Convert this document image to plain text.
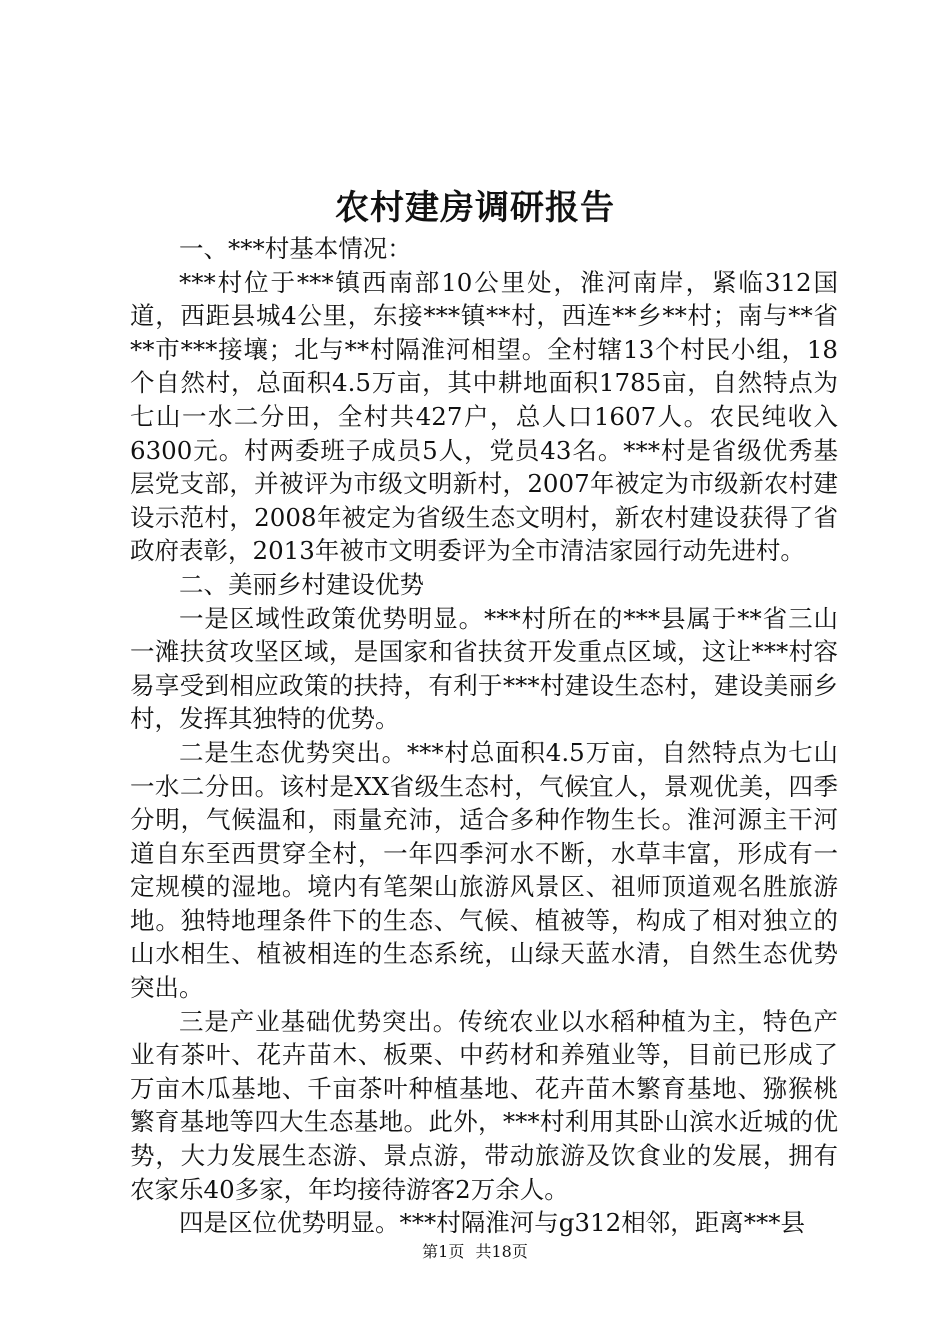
农村建房调研报告

一、***村基本情况：

***村位于***镇西南部10公里处，淮河南岸，紧临312国道，西距县城4公里，东接***镇**村，西连**乡**村；南与**省**市***接壤；北与**村隔淮河相望。全村辖13个村民小组，18个自然村，总面积4.5万亩，其中耕地面积1785亩，自然特点为七山一水二分田，全村共427户，总人口1607人。农民纯收入6300元。村两委班子成员5人，党员43名。***村是省级优秀基层党支部，并被评为市级文明新村，2007年被定为市级新农村建设示范村，2008年被定为省级生态文明村，新农村建设获得了省政府表彰，2013年被市文明委评为全市清洁家园行动先进村。

二、美丽乡村建设优势

一是区域性政策优势明显。***村所在的***县属于**省三山一滩扶贫攻坚区域，是国家和省扶贫开发重点区域，这让***村容易享受到相应政策的扶持，有利于***村建设生态村，建设美丽乡村，发挥其独特的优势。

二是生态优势突出。***村总面积4.5万亩，自然特点为七山一水二分田。该村是XX省级生态村，气候宜人，景观优美，四季分明，气候温和，雨量充沛，适合多种作物生长。淮河源主干河道自东至西贯穿全村，一年四季河水不断，水草丰富，形成有一定规模的湿地。境内有笔架山旅游风景区、祖师顶道观名胜旅游地。独特地理条件下的生态、气候、植被等，构成了相对独立的山水相生、植被相连的生态系统，山绿天蓝水清，自然生态优势突出。

三是产业基础优势突出。传统农业以水稻种植为主，特色产业有茶叶、花卉苗木、板栗、中药材和养殖业等，目前已形成了万亩木瓜基地、千亩茶叶种植基地、花卉苗木繁育基地、猕猴桃繁育基地等四大生态基地。此外，***村利用其卧山滨水近城的优势，大力发展生态游、景点游，带动旅游及饮食业的发展，拥有农家乐40多家，年均接待游客2万余人。

四是区位优势明显。***村隔淮河与g312相邻，距离***县

第1页 共18页
